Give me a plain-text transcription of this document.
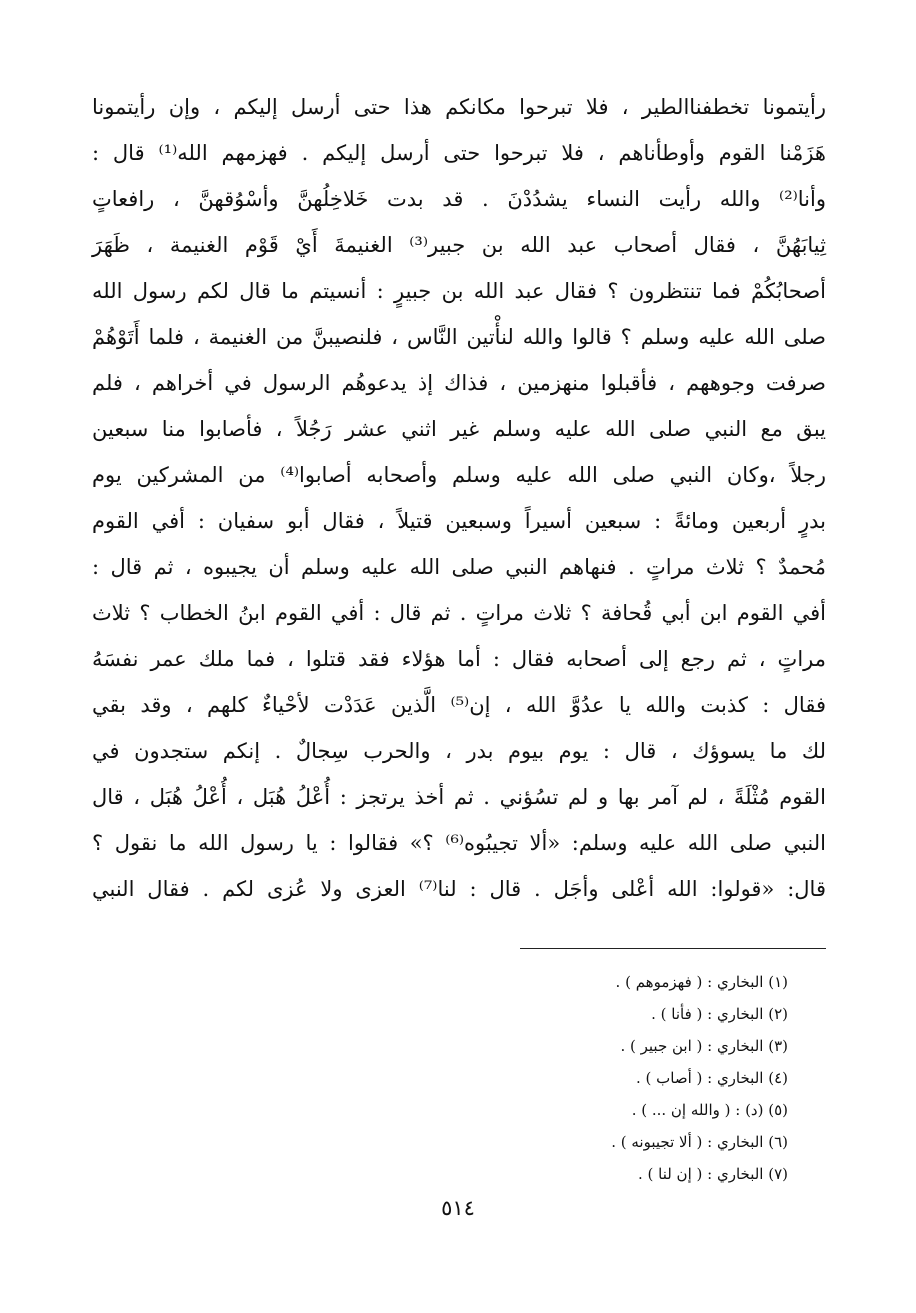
رأيتمونا تخطفناالطير ، فلا تبرحوا مكانكم هذا حتى أرسل إليكم ، وإن رأيتمونا
هَزَمْنا القوم وأوطأناهم ، فلا تبرحوا حتى أرسل إليكم . فهزمهم الله⁽¹⁾ قال :
وأنا⁽²⁾ والله رأيت النساء يشدُدْنَ . قد بدت خَلاخِلُهنَّ وأسْوُقهنَّ ، رافعاتٍ
ثِيابَهُنَّ ، فقال أصحاب عبد الله بن جبير⁽³⁾ الغنيمةَ أَيْ قَوْم الغنيمة ، ظَهَرَ
أصحابُكُمْ فما تنتظرون ؟ فقال عبد الله بن جبيرٍ : أنسيتم ما قال لكم رسول الله
صلى الله عليه وسلم ؟ قالوا والله لنأْتين النَّاس ، فلنصيبنَّ من الغنيمة ، فلما أَتَوْهُمْ
صرفت وجوههم ، فأقبلوا منهزمين ، فذاك إذ يدعوهُم الرسول في أخراهم ، فلم
يبق مع النبي صلى الله عليه وسلم غير اثني عشر رَجُلاً ، فأصابوا منا سبعين
رجلاً ،وكان النبي صلى الله عليه وسلم وأصحابه أصابوا⁽⁴⁾ من المشركين يوم
بدرٍ أربعين ومائةً : سبعين أسيراً وسبعين قتيلاً ، فقال أبو سفيان : أفي القوم
مُحمدٌ ؟ ثلاث مراتٍ . فنهاهم النبي صلى الله عليه وسلم أن يجيبوه ، ثم قال :
أفي القوم ابن أبي قُحافة ؟ ثلاث مراتٍ . ثم قال : أفي القوم ابنُ الخطاب ؟ ثلاث
مراتٍ ، ثم رجع إلى أصحابه فقال : أما هؤلاء فقد قتلوا ، فما ملك عمر نفسَهُ
فقال : كذبت والله يا عدُوَّ الله ، إن⁽⁵⁾ الَّذين عَدَدْت لأحْياءٌ كلهم ، وقد بقي
لك ما يسوؤك ، قال : يوم بيوم بدر ، والحرب سِجالٌ . إنكم ستجدون في
القوم مُثْلَةً ، لم آمر بها و لم تسُؤني . ثم أخذ يرتجز : أُعْلُ هُبَل ، أُعْلُ هُبَل ، قال
النبي صلى الله عليه وسلم: «ألا تجيبُوه⁽⁶⁾ ؟» فقالوا : يا رسول الله ما نقول ؟
قال: «قولوا: الله أعْلى وأجَل . قال : لنا⁽⁷⁾ العزى ولا عُزى لكم . فقال النبي
(١) البخاري : ( فهزموهم ) .
(٢) البخاري : ( فأنا ) .
(٣) البخاري : ( ابن جبير ) .
(٤) البخاري : ( أصاب ) .
(٥) (د) : ( والله إن ... ) .
(٦) البخاري : ( ألا تجيبونه ) .
(٧) البخاري : ( إن لنا ) .
٥١٤
